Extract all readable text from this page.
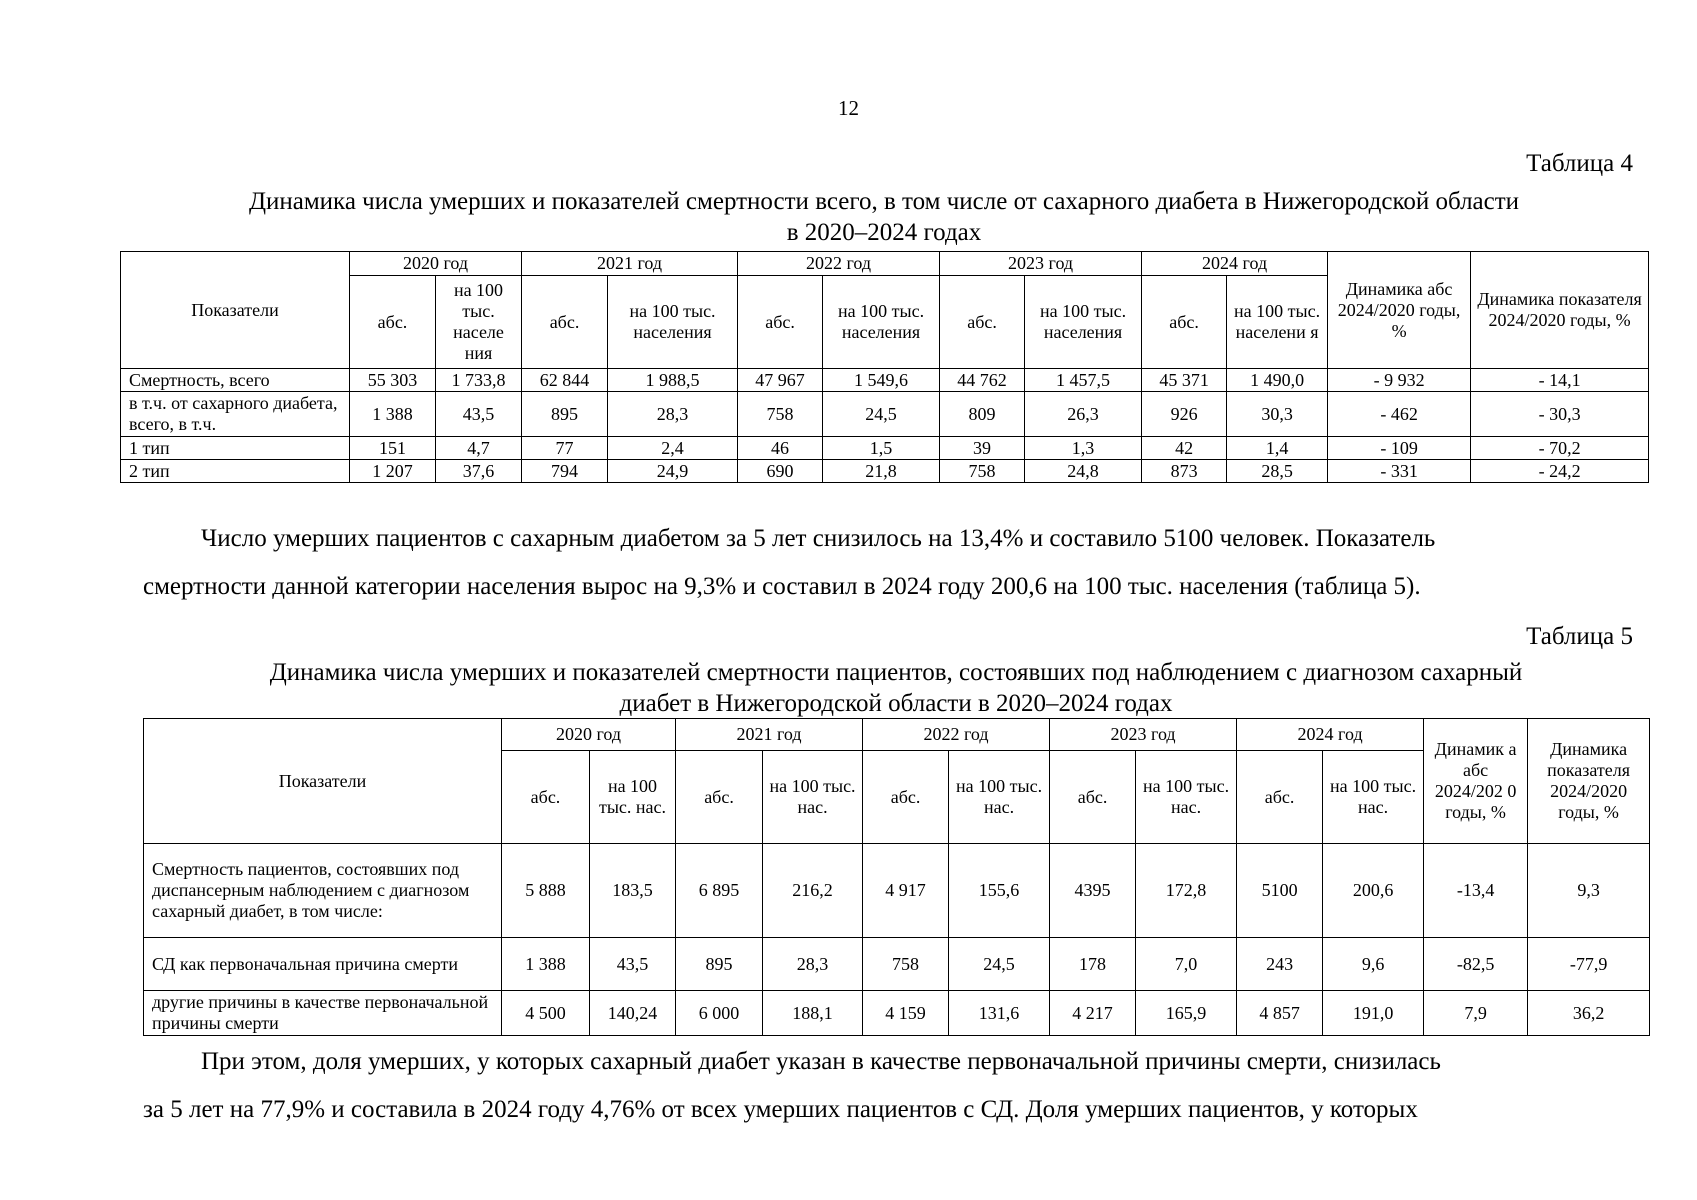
12
Таблица 4
Динамика числа умерших и показателей смертности всего, в том числе от сахарного диабета в Нижегородской области
в 2020–2024 годах
Показатели	2020 год		2021 год		2022 год		2023 год		2024 год		Динамика абс 2024/2020 годы, %	Динамика показателя 2024/2020 годы, %
	абс.	на 100 тыс. населе ния	абс.	на 100 тыс. населения	абс.	на 100 тыс. населения	абс.	на 100 тыс. населения	абс.	на 100 тыс. населени я		
Смертность, всего	55 303	1 733,8	62 844	1 988,5	47 967	1 549,6	44 762	1 457,5	45 371	1 490,0	- 9 932	- 14,1
в т.ч. от сахарного диабета, всего, в т.ч.	1 388	43,5	895	28,3	758	24,5	809	26,3	926	30,3	- 462	- 30,3
1 тип	151	4,7	77	2,4	46	1,5	39	1,3	42	1,4	- 109	- 70,2
2 тип	1 207	37,6	794	24,9	690	21,8	758	24,8	873	28,5	- 331	- 24,2

Число умерших пациентов с сахарным диабетом за 5 лет снизилось на 13,4% и составило 5100 человек. Показатель

смертности данной категории населения вырос на 9,3% и составил в 2024 году 200,6 на 100 тыс. населения (таблица 5).

Таблица 5
Динамика числа умерших и показателей смертности пациентов, состоявших под наблюдением с диагнозом сахарный
диабет в Нижегородской области в 2020–2024 годах
Показатели	2020 год		2021 год		2022 год		2023 год		2024 год		Динамик а абс 2024/202 0 годы, %	Динамика показателя 2024/2020 годы, %
	абс.	на 100 тыс. нас.	абс.	на 100 тыс. нас.	абс.	на 100 тыс. нас.	абс.	на 100 тыс. нас.	абс.	на 100 тыс. нас.		
Смертность пациентов, состоявших под диспансерным наблюдением с диагнозом сахарный диабет, в том числе:	5 888	183,5	6 895	216,2	4 917	155,6	4395	172,8	5100	200,6	-13,4	9,3
СД как первоначальная причина смерти	1 388	43,5	895	28,3	758	24,5	178	7,0	243	9,6	-82,5	-77,9
другие причины в качестве первоначальной причины смерти	4 500	140,24	6 000	188,1	4 159	131,6	4 217	165,9	4 857	191,0	7,9	36,2

При этом, доля умерших, у которых сахарный диабет указан в качестве первоначальной причины смерти, снизилась

за 5 лет на 77,9% и составила в 2024 году 4,76% от всех умерших пациентов с СД. Доля умерших пациентов, у которых
